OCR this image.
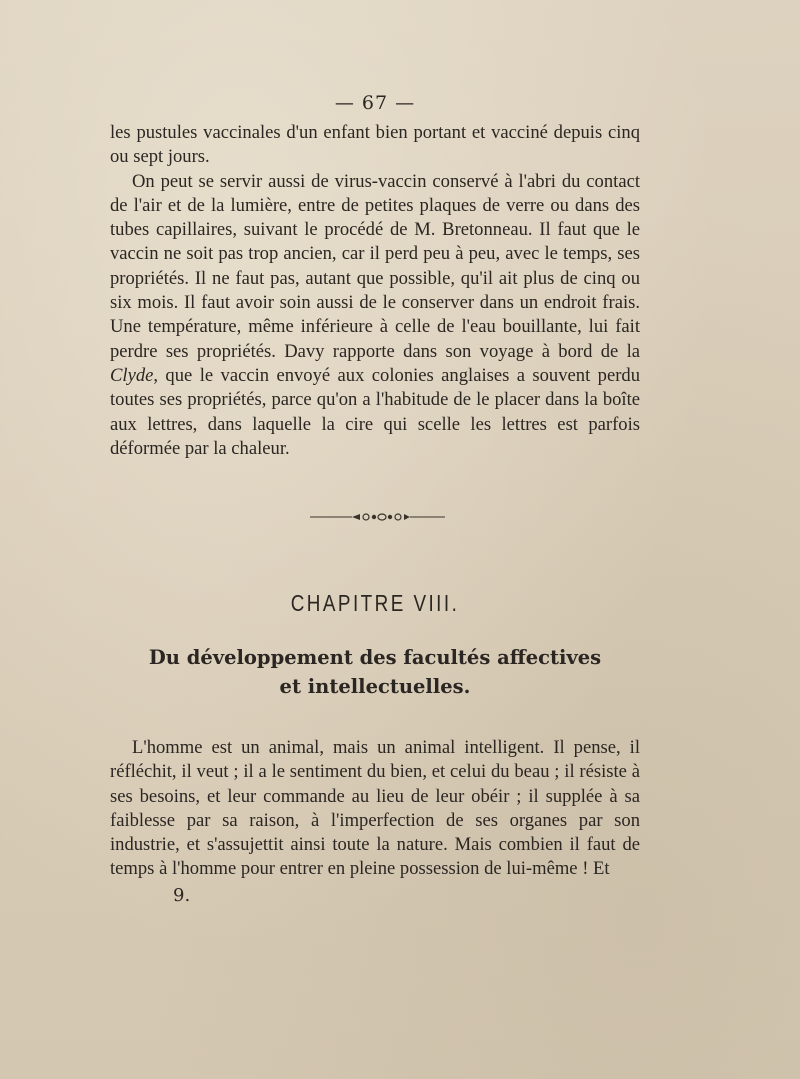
— 67 —

les pustules vaccinales d'un enfant bien portant et vacciné depuis cinq ou sept jours.

On peut se servir aussi de virus-vaccin conservé à l'abri du contact de l'air et de la lumière, entre de petites plaques de verre ou dans des tubes capillaires, suivant le procédé de M. Bretonneau. Il faut que le vaccin ne soit pas trop ancien, car il perd peu à peu, avec le temps, ses propriétés. Il ne faut pas, autant que possible, qu'il ait plus de cinq ou six mois. Il faut avoir soin aussi de le conserver dans un endroit frais. Une température, même inférieure à celle de l'eau bouillante, lui fait perdre ses propriétés. Davy rapporte dans son voyage à bord de la Clyde, que le vaccin envoyé aux colonies anglaises a souvent perdu toutes ses propriétés, parce qu'on a l'habitude de le placer dans la boîte aux lettres, dans laquelle la cire qui scelle les lettres est parfois déformée par la chaleur.

CHAPITRE VIII.
Du développement des facultés affectives
et intellectuelles.

L'homme est un animal, mais un animal intelligent. Il pense, il réfléchit, il veut ; il a le sentiment du bien, et celui du beau ; il résiste à ses besoins, et leur commande au lieu de leur obéir ; il supplée à sa faiblesse par sa raison, à l'imperfection de ses organes par son industrie, et s'assujettit ainsi toute la nature. Mais combien il faut de temps à l'homme pour entrer en pleine possession de lui-même ! Et

9.
